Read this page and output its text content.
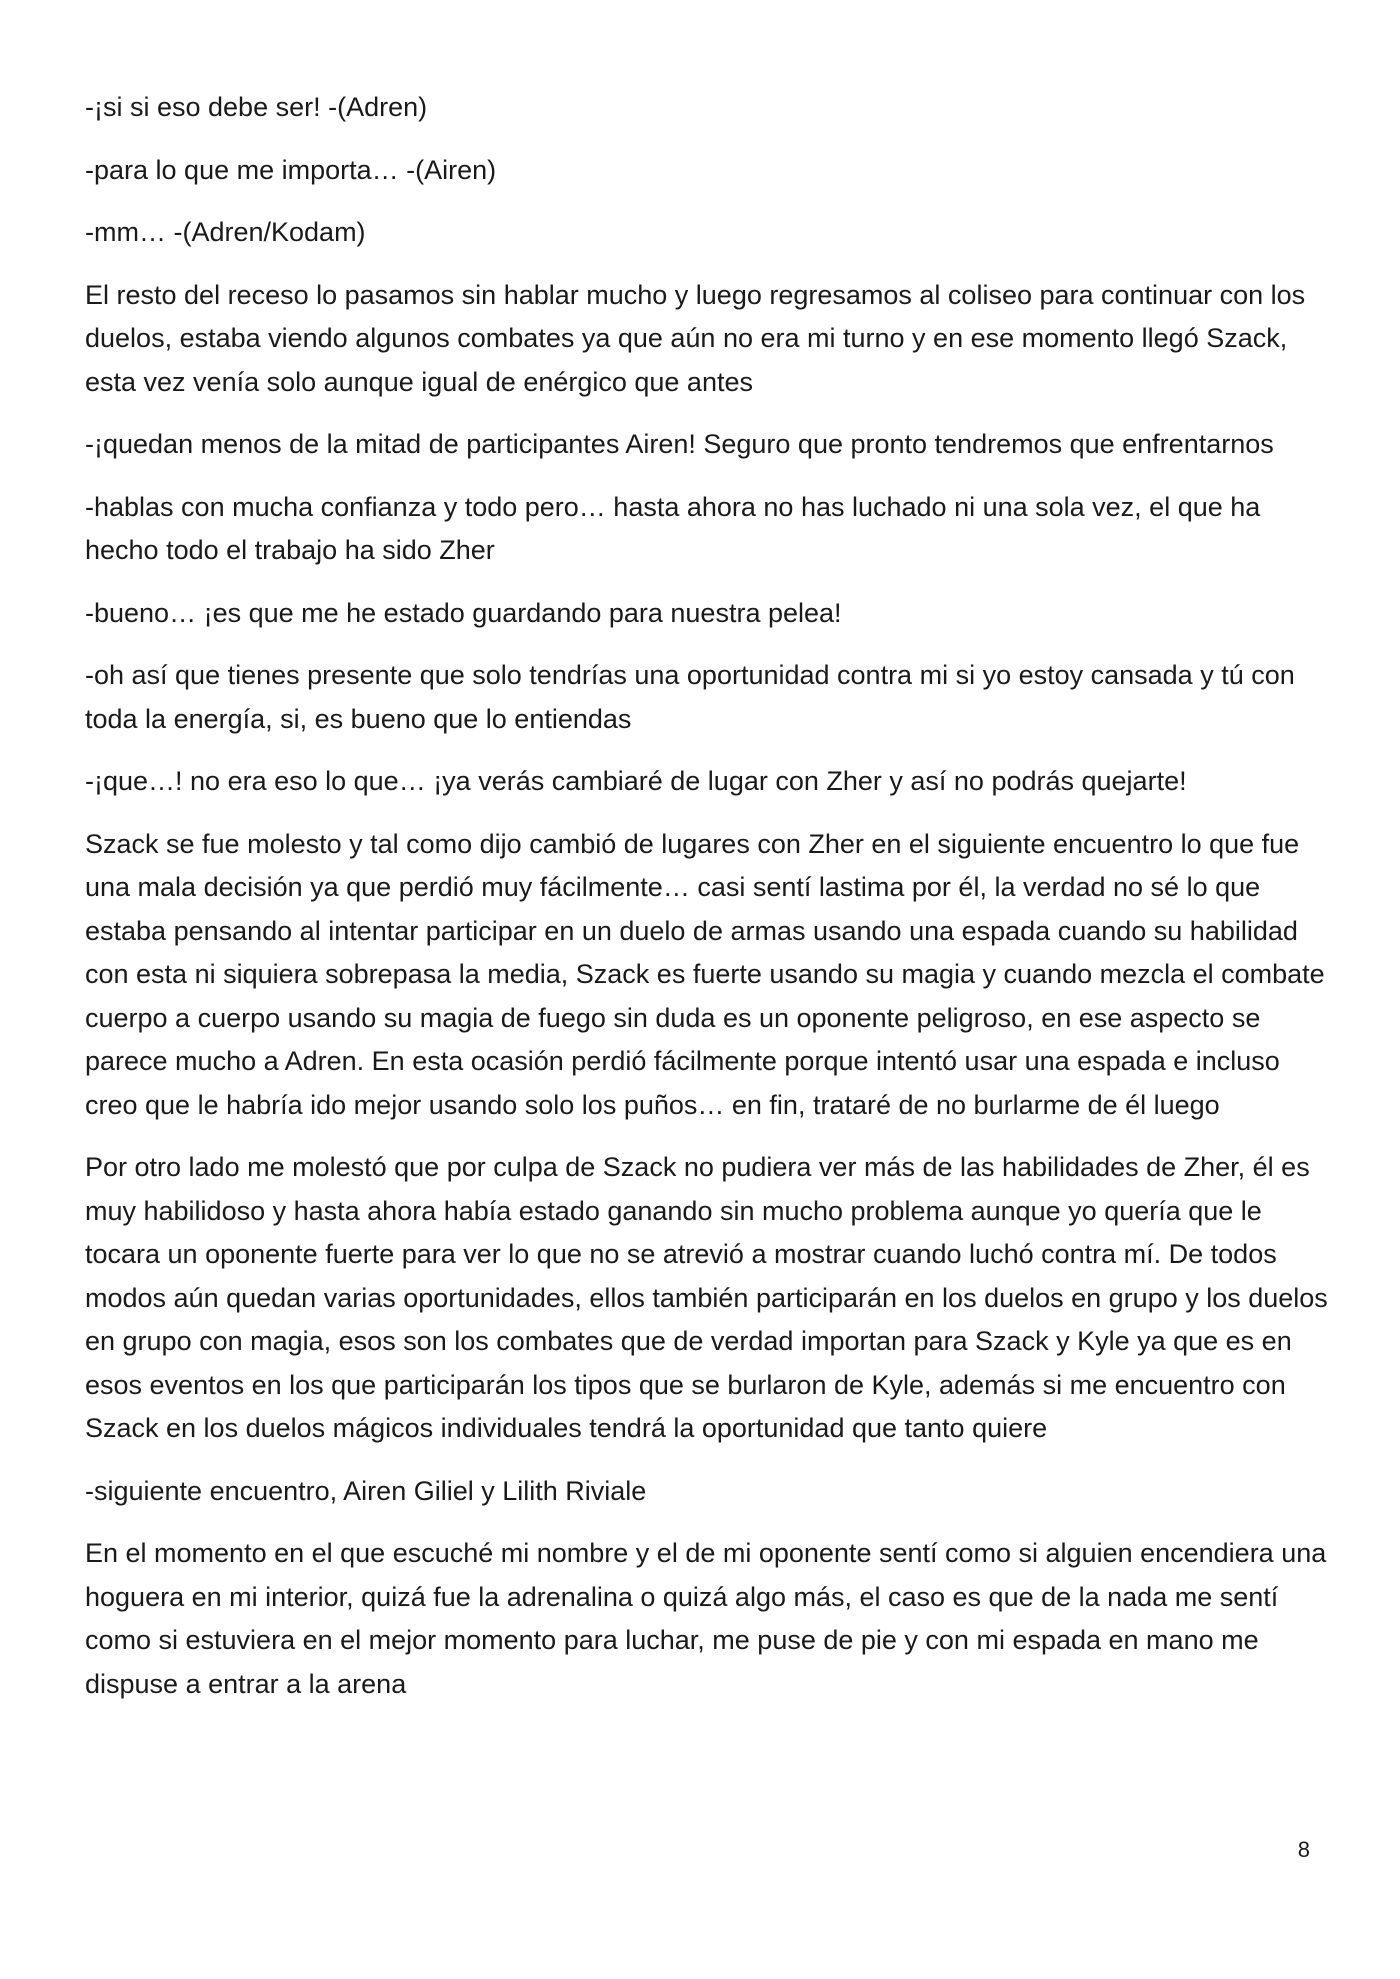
-¡si si eso debe ser! -(Adren)

-para lo que me importa… -(Airen)

-mm… -(Adren/Kodam)

El resto del receso lo pasamos sin hablar mucho y luego regresamos al coliseo para continuar con los duelos, estaba viendo algunos combates ya que aún no era mi turno y en ese momento llegó Szack, esta vez venía solo aunque igual de enérgico que antes

-¡quedan menos de la mitad de participantes Airen! Seguro que pronto tendremos que enfrentarnos

-hablas con mucha confianza y todo pero… hasta ahora no has luchado ni una sola vez, el que ha hecho todo el trabajo ha sido Zher

-bueno… ¡es que me he estado guardando para nuestra pelea!

-oh así que tienes presente que solo tendrías una oportunidad contra mi si yo estoy cansada y tú con toda la energía, si, es bueno que lo entiendas

-¡que…! no era eso lo que… ¡ya verás cambiaré de lugar con Zher y así no podrás quejarte!

Szack se fue molesto y tal como dijo cambió de lugares con Zher en el siguiente encuentro lo que fue una mala decisión ya que perdió muy fácilmente… casi sentí lastima por él, la verdad no sé lo que estaba pensando al intentar participar en un duelo de armas usando una espada cuando su habilidad con esta ni siquiera sobrepasa la media, Szack es fuerte usando su magia y cuando mezcla el combate cuerpo a cuerpo usando su magia de fuego sin duda es un oponente peligroso, en ese aspecto se parece mucho a Adren. En esta ocasión perdió fácilmente porque intentó usar una espada e incluso creo que le habría ido mejor usando solo los puños… en fin, trataré de no burlarme de él luego

Por otro lado me molestó que por culpa de Szack no pudiera ver más de las habilidades de Zher, él es muy habilidoso y hasta ahora había estado ganando sin mucho problema aunque yo quería que le tocara un oponente fuerte para ver lo que no se atrevió a mostrar cuando luchó contra mí. De todos modos aún quedan varias oportunidades, ellos también participarán en los duelos en grupo y los duelos en grupo con magia, esos son los combates que de verdad importan para Szack y Kyle ya que es en esos eventos en los que participarán los tipos que se burlaron de Kyle, además si me encuentro con Szack en los duelos mágicos individuales tendrá la oportunidad que tanto quiere

-siguiente encuentro, Airen Giliel y Lilith Riviale

En el momento en el que escuché mi nombre y el de mi oponente sentí como si alguien encendiera una hoguera en mi interior, quizá fue la adrenalina o quizá algo más, el caso es que de la nada me sentí como si estuviera en el mejor momento para luchar, me puse de pie y con mi espada en mano me dispuse a entrar a la arena

8
